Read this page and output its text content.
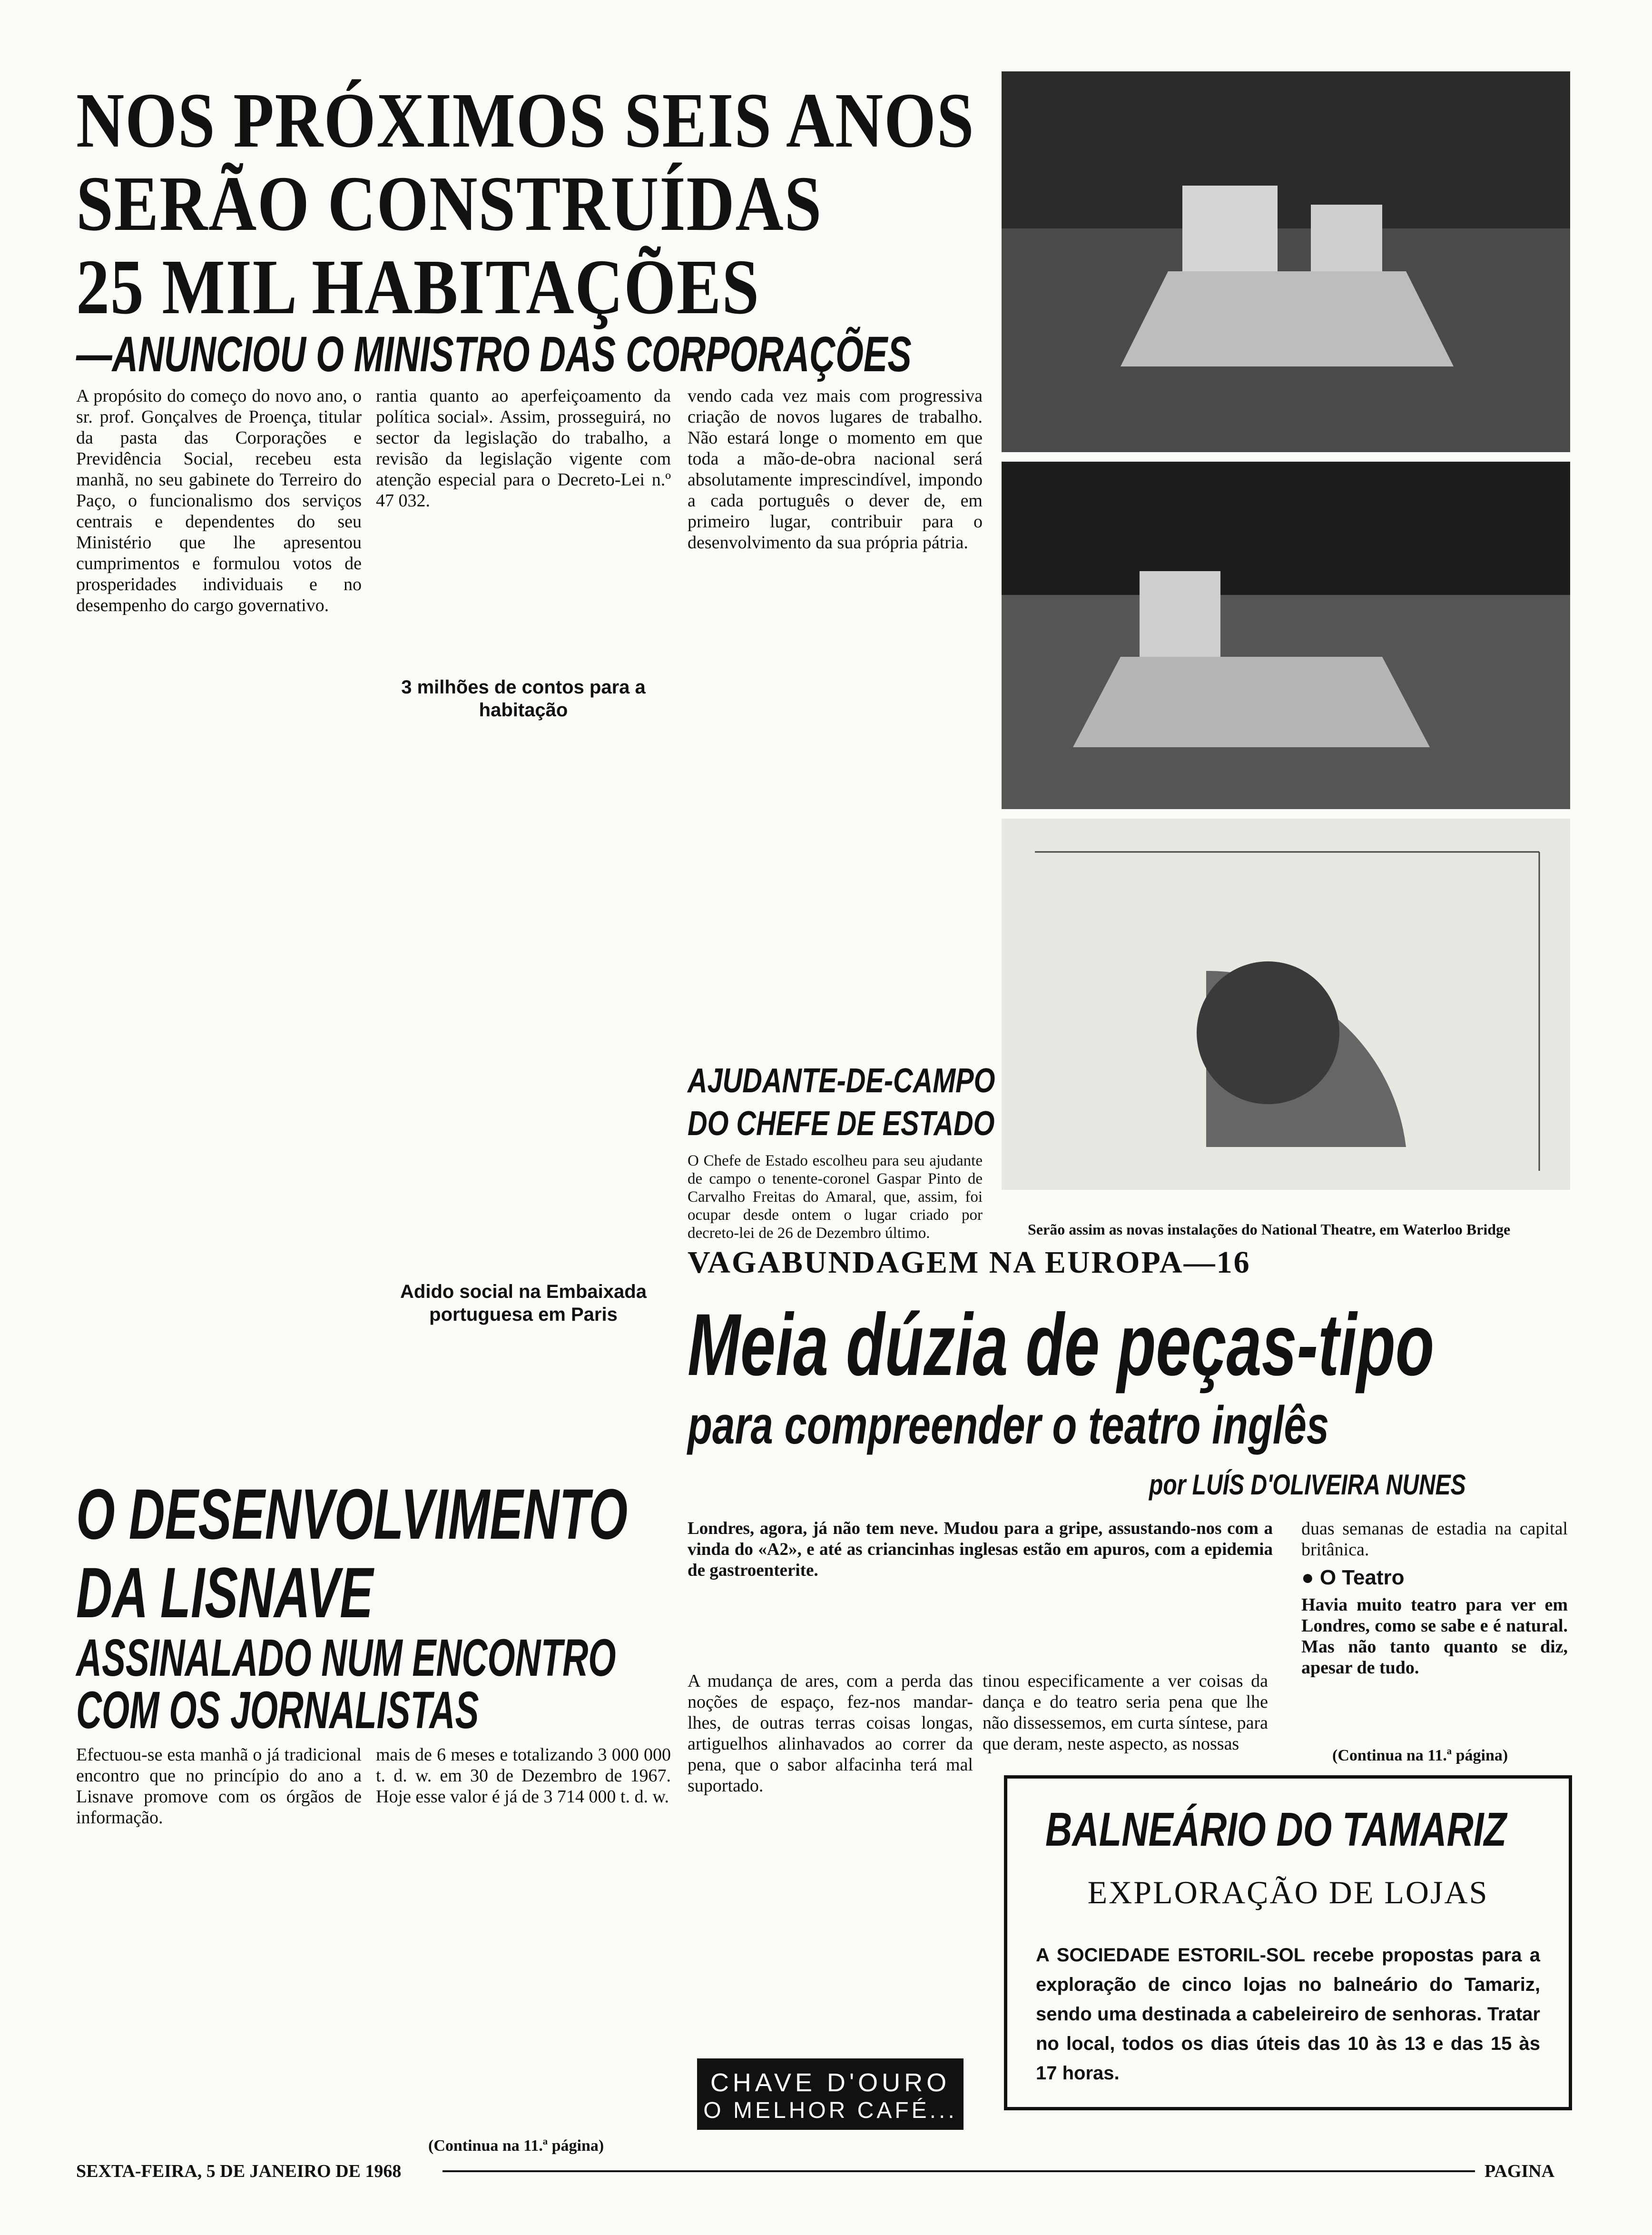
NOS PRÓXIMOS SEIS ANOS
SERÃO CONSTRUÍDAS
25 MIL HABITAÇÕES
—ANUNCIOU O MINISTRO DAS CORPORAÇÕES
A propósito do começo do novo ano, o sr. prof. Gonçalves de Proença, titular da pasta das Corporações e Previdência Social, recebeu esta manhã, no seu gabinete do Terreiro do Paço, o funcionalismo dos serviços centrais e dependentes do seu Ministério que lhe apresentou cumprimentos e formulou votos de prosperidades individuais e no desempenho do cargo governativo.
rantia quanto ao aperfeiçoamento da política social». Assim, prosseguirá, no sector da legislação do trabalho, a revisão da legislação vigente com atenção especial para o Decreto-Lei n.º 47 032.
3 milhões de contos para a habitação
Adido social na Embaixada portuguesa em Paris
vendo cada vez mais com progressiva criação de novos lugares de trabalho. Não estará longe o momento em que toda a mão-de-obra nacional será absolutamente imprescindível, impondo a cada português o dever de, em primeiro lugar, contribuir para o desenvolvimento da sua própria pátria.
AJUDANTE-DE-CAMPO
DO CHEFE DE ESTADO
O Chefe de Estado escolheu para seu ajudante de campo o tenente-coronel Gaspar Pinto de Carvalho Freitas do Amaral, que, assim, foi ocupar desde ontem o lugar criado por decreto-lei de 26 de Dezembro último.	Serão assim as novas instalações do National Theatre, em Waterloo Bridge
VAGABUNDAGEM NA EUROPA—16
Meia dúzia de peças-tipo
para compreender o teatro inglês
por LUÍS D'OLIVEIRA NUNES
Londres, agora, já não tem neve. Mudou para a gripe, assustando-nos com a vinda do «A2», e até as criancinhas inglesas estão em apuros, com a epidemia de gastroenterite.
A mudança de ares, com a perda das noções de espaço, fez-nos mandar-lhes, de outras terras coisas longas, artiguelhos alinhavados ao correr da pena, que o sabor alfacinha terá mal suportado.
tinou especificamente a ver coisas da dança e do teatro seria pena que lhe não dissessemos, em curta síntese, para que deram, neste aspecto, as nossas
duas semanas de estadia na capital britânica.
● O Teatro
Havia muito teatro para ver em Londres, como se sabe e é natural. Mas não tanto quanto se diz, apesar de tudo.
(Continua na 11.ª página)
O DESENVOLVIMENTO
DA LISNAVE
ASSINALADO NUM ENCONTRO
COM OS JORNALISTAS
Efectuou-se esta manhã o já tradicional encontro que no princípio do ano a Lisnave promove com os órgãos de informação.
mais de 6 meses e totalizando 3 000 000 t. d. w. em 30 de Dezembro de 1967. Hoje esse valor é já de 3 714 000 t. d. w.
(Continua na 11.ª página)
CHAVE D'OURO
O MELHOR CAFÉ...
BALNEÁRIO DO TAMARIZ
EXPLORAÇÃO DE LOJAS
A SOCIEDADE ESTORIL-SOL recebe propostas para a exploração de cinco lojas no balneário do Tamariz, sendo uma destinada a cabeleireiro de senhoras. Tratar no local, todos os dias úteis das 10 às 13 e das 15 às 17 horas.
SEXTA-FEIRA, 5 DE JANEIRO DE 1968	PAGINA
